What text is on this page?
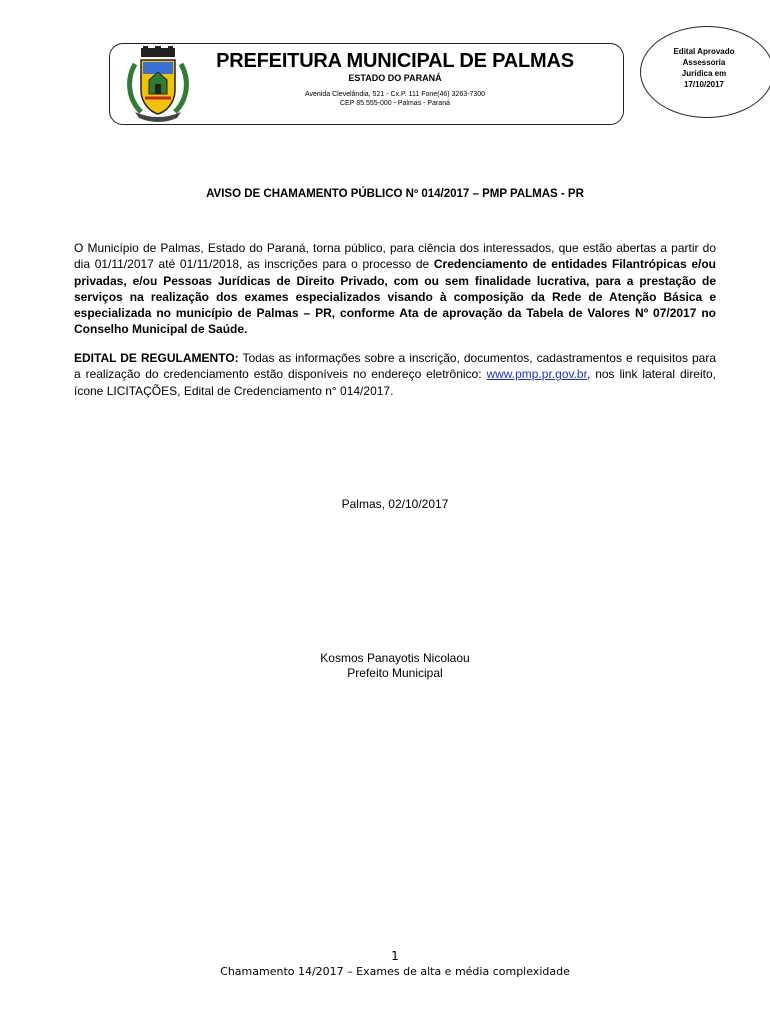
PREFEITURA MUNICIPAL DE PALMAS
ESTADO DO PARANÁ
Avenida Clevelândia, 521 - Cx.P. 111 Fone(46) 3263-7300
CEP 85.555-000 - Palmas - Paraná
Edital Aprovado
Assessoria
Jurídica em
17/10/2017
AVISO DE CHAMAMENTO PÚBLICO Nº 014/2017 – PMP PALMAS - PR
O Município de Palmas, Estado do Paraná, torna público, para ciência dos interessados, que estão abertas a partir do dia 01/11/2017 até 01/11/2018, as inscrições para o processo de Credenciamento de entidades Filantrópicas e/ou privadas, e/ou Pessoas Jurídicas de Direito Privado, com ou sem finalidade lucrativa, para a prestação de serviços na realização dos exames especializados visando à composição da Rede de Atenção Básica e especializada no município de Palmas – PR, conforme Ata de aprovação da Tabela de Valores Nº 07/2017 no Conselho Municipal de Saúde.
EDITAL DE REGULAMENTO: Todas as informações sobre a inscrição, documentos, cadastramentos e requisitos para a realização do credenciamento estão disponíveis no endereço eletrônico: www.pmp.pr.gov.br, nos link lateral direito, ícone LICITAÇÕES, Edital de Credenciamento n° 014/2017.
Palmas, 02/10/2017
Kosmos Panayotis Nicolaou
Prefeito Municipal
1
Chamamento 14/2017 – Exames de alta e média complexidade
